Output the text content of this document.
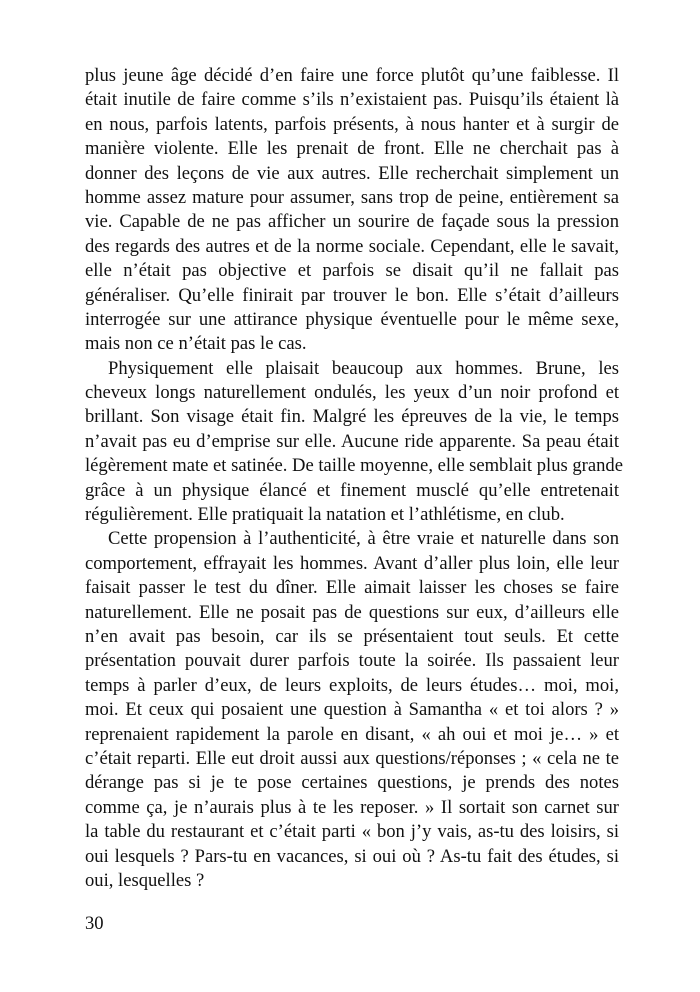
plus jeune âge décidé d’en faire une force plutôt qu’une faiblesse. Il
était inutile de faire comme s’ils n’existaient pas. Puisqu’ils étaient là
en nous, parfois latents, parfois présents, à nous hanter et à surgir de
manière violente. Elle les prenait de front. Elle ne cherchait pas à
donner des leçons de vie aux autres. Elle recherchait simplement un
homme assez mature pour assumer, sans trop de peine, entièrement sa
vie. Capable de ne pas afficher un sourire de façade sous la pression
des regards des autres et de la norme sociale. Cependant, elle le savait,
elle n’était pas objective et parfois se disait qu’il ne fallait pas
généraliser. Qu’elle finirait par trouver le bon. Elle s’était d’ailleurs
interrogée sur une attirance physique éventuelle pour le même sexe,
mais non ce n’était pas le cas.
Physiquement elle plaisait beaucoup aux hommes. Brune, les
cheveux longs naturellement ondulés, les yeux d’un noir profond et
brillant. Son visage était fin. Malgré les épreuves de la vie, le temps
n’avait pas eu d’emprise sur elle. Aucune ride apparente. Sa peau était
légèrement mate et satinée. De taille moyenne, elle semblait plus grande
grâce à un physique élancé et finement musclé qu’elle entretenait
régulièrement. Elle pratiquait la natation et l’athlétisme, en club.
Cette propension à l’authenticité, à être vraie et naturelle dans son
comportement, effrayait les hommes. Avant d’aller plus loin, elle leur
faisait passer le test du dîner. Elle aimait laisser les choses se faire
naturellement. Elle ne posait pas de questions sur eux, d’ailleurs elle
n’en avait pas besoin, car ils se présentaient tout seuls. Et cette
présentation pouvait durer parfois toute la soirée. Ils passaient leur
temps à parler d’eux, de leurs exploits, de leurs études… moi, moi,
moi. Et ceux qui posaient une question à Samantha « et toi alors ? »
reprenaient rapidement la parole en disant, « ah oui et moi je… » et
c’était reparti. Elle eut droit aussi aux questions/réponses ; « cela ne te
dérange pas si je te pose certaines questions, je prends des notes
comme ça, je n’aurais plus à te les reposer. » Il sortait son carnet sur
la table du restaurant et c’était parti « bon j’y vais, as-tu des loisirs, si
oui lesquels ? Pars-tu en vacances, si oui où ? As-tu fait des études, si
oui, lesquelles ?
30
